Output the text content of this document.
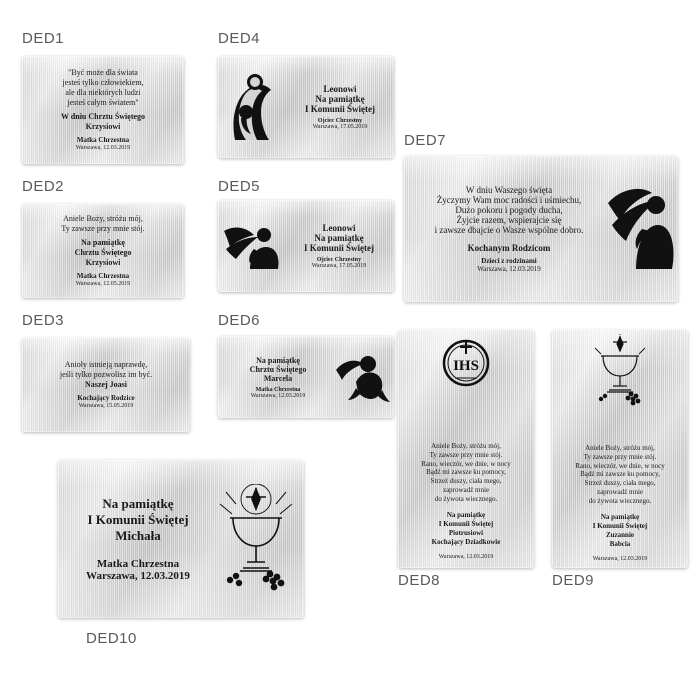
DED1
"Być może dla świata
jesteś tylko człowiekiem,
ale dla niektórych ludzi
jesteś całym światem"
W dniu Chrztu Świętego
Krzysiowi
Matka Chrzestna
Warszawa, 12.03.2019
DED2
Aniele Boży, stróżu mój,
Ty zawsze przy mnie stój.
Na pamiątkę
Chrztu Świętego
Krzysiowi
Matka Chrzestna
Warszawa, 12.05.2019
DED3
Anioły istnieją naprawdę,
jeśli tylko pozwolisz im być.
Naszej Joasi
Kochający Rodzice
Warszawa, 15.05.2019
DED4
Leonowi
Na pamiątkę
I Komunii Świętej
Ojciec Chrzestny
Warszawa, 17.05.2019
DED5
Leonowi
Na pamiątkę
I Komunii Świętej
Ojciec Chrzestny
Warszawa, 17.05.2019
DED6
Na pamiątkę
Chrztu Świętego
Marcela
Matka Chrzestna
Warszawa, 12.03.2019
DED7
W dniu Waszego święta
Życzymy Wam moc radości i uśmiechu,
Dużo pokoru i pogody ducha,
Żyjcie razem, wspierajcie się
i zawsze dbajcie o Wasze wspólne dobro.
Kochanym Rodzicom
Dzieci z rodzinami
Warszawa, 12.03.2019
IHS
Aniele Boży, stróżu mój,
Ty zawsze przy mnie stój.
Rano, wieczór, we dnie, w nocy
Bądź mi zawsze ku pomocy,
Strzeż duszy, ciała mego,
zaprowadź mnie
do żywota wiecznego.
Na pamiątkę
I Komunii Świętej
Piotrusiowi
Kochający Dziadkowie
Warszawa, 12.03.2019
DED8
Aniele Boży, stróżu mój,
Ty zawsze przy mnie stój.
Rano, wieczór, we dnie, w nocy
Bądź mi zawsze ku pomocy,
Strzeż duszy, ciała mego,
zaprowadź mnie
do żywota wiecznego.
Na pamiątkę
I Komunii Świętej
Zuzannie
Babcia
Warszawa, 12.03.2019
DED9
Na pamiątkę
I Komunii Świętej
Michała
Matka Chrzestna
Warszawa, 12.03.2019
DED10
